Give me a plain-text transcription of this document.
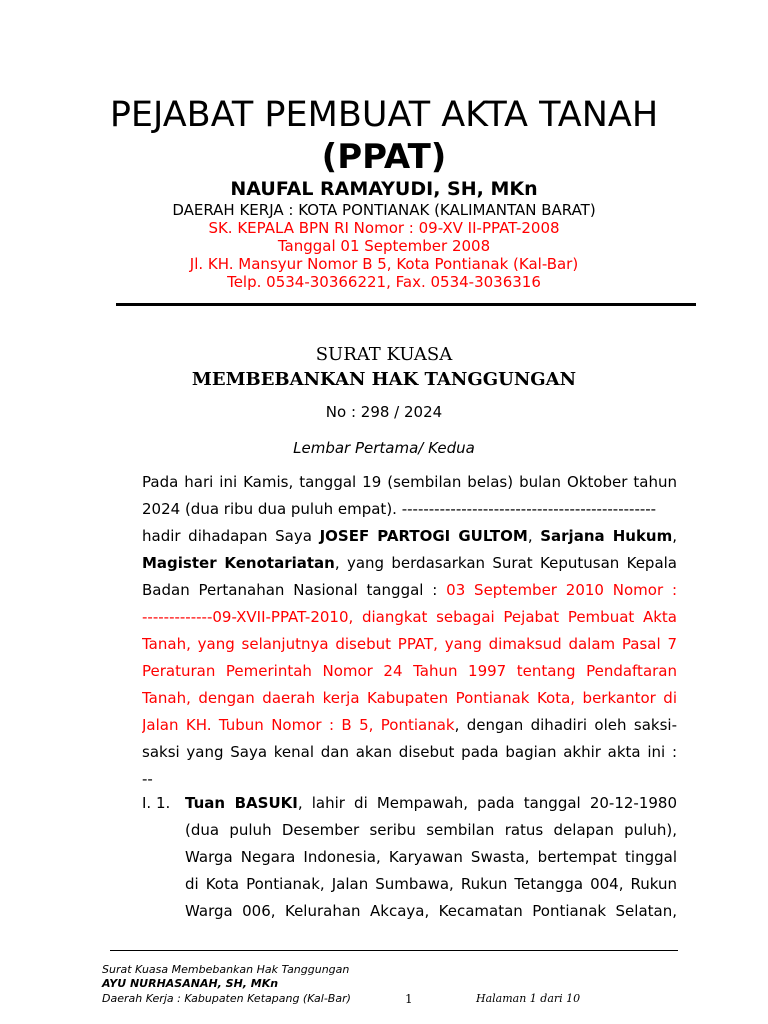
PEJABAT PEMBUAT AKTA TANAH
(PPAT)
NAUFAL RAMAYUDI, SH, MKn
DAERAH KERJA : KOTA PONTIANAK (KALIMANTAN BARAT)
SK. KEPALA BPN RI Nomor : 09-XV II-PPAT-2008
Tanggal 01 September 2008
Jl. KH. Mansyur Nomor B 5, Kota Pontianak (Kal-Bar)
Telp. 0534-30366221, Fax. 0534-3036316
SURAT KUASA
MEMBEBANKAN HAK TANGGUNGAN
No : 298 / 2024
Lembar Pertama/ Kedua
Pada hari ini Kamis, tanggal 19 (sembilan belas) bulan Oktober tahun
2024 (dua ribu dua puluh empat). -----------------------------------------------
hadir dihadapan Saya JOSEF PARTOGI GULTOM, Sarjana Hukum,
Magister Kenotariatan, yang berdasarkan Surat Keputusan Kepala
Badan Pertanahan Nasional tanggal : 03 September 2010 Nomor :
-------------09-XVII-PPAT-2010, diangkat sebagai Pejabat Pembuat Akta
Tanah, yang selanjutnya disebut PPAT, yang dimaksud dalam Pasal 7
Peraturan Pemerintah Nomor 24 Tahun 1997 tentang Pendaftaran
Tanah, dengan daerah kerja Kabupaten Pontianak Kota, berkantor di
Jalan KH. Tubun Nomor : B 5, Pontianak, dengan dihadiri oleh saksi-
saksi yang Saya kenal dan akan disebut pada bagian akhir akta ini :
--
I. 1. Tuan BASUKI, lahir di Mempawah, pada tanggal 20-12-1980
(dua puluh Desember seribu sembilan ratus delapan puluh),
Warga Negara Indonesia, Karyawan Swasta, bertempat tinggal
di Kota Pontianak, Jalan Sumbawa, Rukun Tetangga 004, Rukun
Warga 006, Kelurahan Akcaya, Kecamatan Pontianak Selatan,
Surat Kuasa Membebankan Hak Tanggungan
AYU NURHASANAH, SH, MKn
Daerah Kerja : Kabupaten Ketapang (Kal-Bar)	1	Halaman 1 dari 10
